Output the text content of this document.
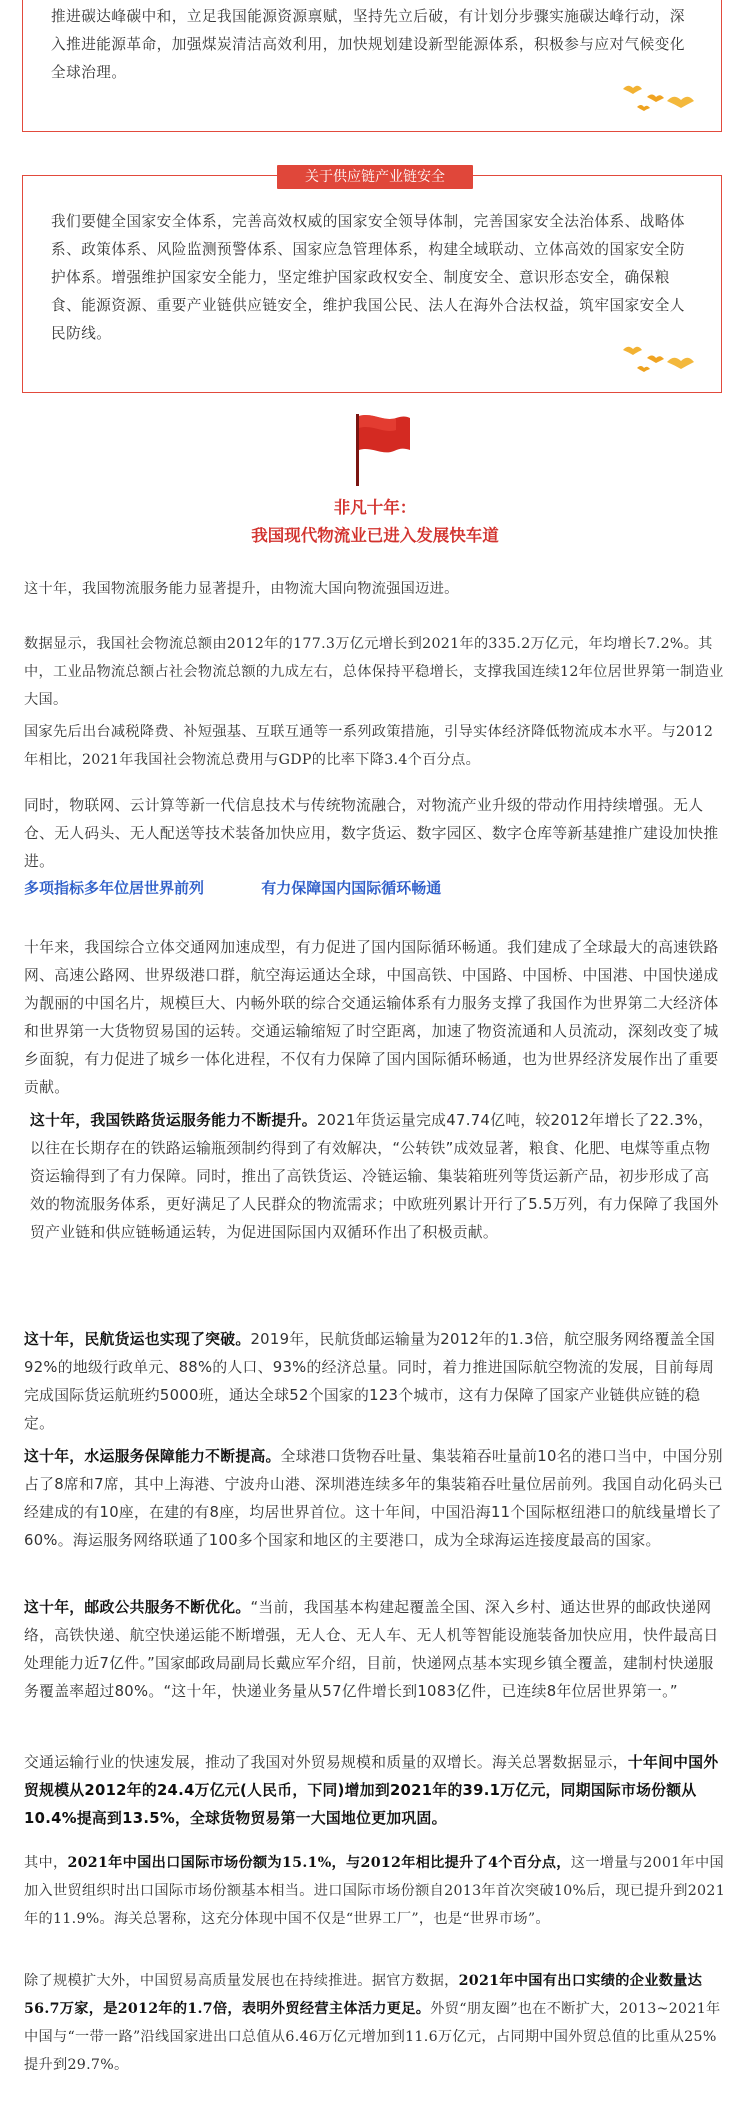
推进碳达峰碳中和，立足我国能源资源禀赋，坚持先立后破，有计划分步骤实施碳达峰行动，深入推进能源革命，加强煤炭清洁高效利用，加快规划建设新型能源体系，积极参与应对气候变化全球治理。

关于供应链产业链安全

我们要健全国家安全体系，完善高效权威的国家安全领导体制，完善国家安全法治体系、战略体系、政策体系、风险监测预警体系、国家应急管理体系，构建全域联动、立体高效的国家安全防护体系。增强维护国家安全能力，坚定维护国家政权安全、制度安全、意识形态安全，确保粮食、能源资源、重要产业链供应链安全，维护我国公民、法人在海外合法权益，筑牢国家安全人民防线。

非凡十年：
我国现代物流业已进入发展快车道

这十年，我国物流服务能力显著提升，由物流大国向物流强国迈进。

数据显示，我国社会物流总额由2012年的177.3万亿元增长到2021年的335.2万亿元，年均增长7.2%。其中，工业品物流总额占社会物流总额的九成左右，总体保持平稳增长，支撑我国连续12年位居世界第一制造业大国。

国家先后出台减税降费、补短强基、互联互通等一系列政策措施，引导实体经济降低物流成本水平。与2012年相比，2021年我国社会物流总费用与GDP的比率下降3.4个百分点。

同时，物联网、云计算等新一代信息技术与传统物流融合，对物流产业升级的带动作用持续增强。无人仓、无人码头、无人配送等技术装备加快应用，数字货运、数字园区、数字仓库等新基建推广建设加快推进。

多项指标多年位居世界前列	有力保障国内国际循环畅通

十年来，我国综合立体交通网加速成型，有力促进了国内国际循环畅通。我们建成了全球最大的高速铁路网、高速公路网、世界级港口群，航空海运通达全球，中国高铁、中国路、中国桥、中国港、中国快递成为靓丽的中国名片，规模巨大、内畅外联的综合交通运输体系有力服务支撑了我国作为世界第二大经济体和世界第一大货物贸易国的运转。交通运输缩短了时空距离，加速了物资流通和人员流动，深刻改变了城乡面貌，有力促进了城乡一体化进程，不仅有力保障了国内国际循环畅通，也为世界经济发展作出了重要贡献。

这十年，我国铁路货运服务能力不断提升。2021年货运量完成47.74亿吨，较2012年增长了22.3%，以往在长期存在的铁路运输瓶颈制约得到了有效解决，“公转铁”成效显著，粮食、化肥、电煤等重点物资运输得到了有力保障。同时，推出了高铁货运、冷链运输、集装箱班列等货运新产品，初步形成了高效的物流服务体系，更好满足了人民群众的物流需求；中欧班列累计开行了5.5万列，有力保障了我国外贸产业链和供应链畅通运转，为促进国际国内双循环作出了积极贡献。

这十年，民航货运也实现了突破。2019年，民航货邮运输量为2012年的1.3倍，航空服务网络覆盖全国92%的地级行政单元、88%的人口、93%的经济总量。同时，着力推进国际航空物流的发展，目前每周完成国际货运航班约5000班，通达全球52个国家的123个城市，这有力保障了国家产业链供应链的稳定。

这十年，水运服务保障能力不断提高。全球港口货物吞吐量、集装箱吞吐量前10名的港口当中，中国分别占了8席和7席，其中上海港、宁波舟山港、深圳港连续多年的集装箱吞吐量位居前列。我国自动化码头已经建成的有10座，在建的有8座，均居世界首位。这十年间，中国沿海11个国际枢纽港口的航线量增长了60%。海运服务网络联通了100多个国家和地区的主要港口，成为全球海运连接度最高的国家。

这十年，邮政公共服务不断优化。“当前，我国基本构建起覆盖全国、深入乡村、通达世界的邮政快递网络，高铁快递、航空快递运能不断增强，无人仓、无人车、无人机等智能设施装备加快应用，快件最高日处理能力近7亿件。”国家邮政局副局长戴应军介绍，目前，快递网点基本实现乡镇全覆盖，建制村快递服务覆盖率超过80%。“这十年，快递业务量从57亿件增长到1083亿件，已连续8年位居世界第一。”

交通运输行业的快速发展，推动了我国对外贸易规模和质量的双增长。海关总署数据显示，十年间中国外贸规模从2012年的24.4万亿元(人民币，下同)增加到2021年的39.1万亿元，同期国际市场份额从10.4%提高到13.5%，全球货物贸易第一大国地位更加巩固。

其中，2021年中国出口国际市场份额为15.1%，与2012年相比提升了4个百分点，这一增量与2001年中国加入世贸组织时出口国际市场份额基本相当。进口国际市场份额自2013年首次突破10%后，现已提升到2021年的11.9%。海关总署称，这充分体现中国不仅是“世界工厂”，也是“世界市场”。

除了规模扩大外，中国贸易高质量发展也在持续推进。据官方数据，2021年中国有出口实绩的企业数量达56.7万家，是2012年的1.7倍，表明外贸经营主体活力更足。外贸“朋友圈”也在不断扩大，2013~2021年中国与“一带一路”沿线国家进出口总值从6.46万亿元增加到11.6万亿元，占同期中国外贸总值的比重从25%提升到29.7%。
